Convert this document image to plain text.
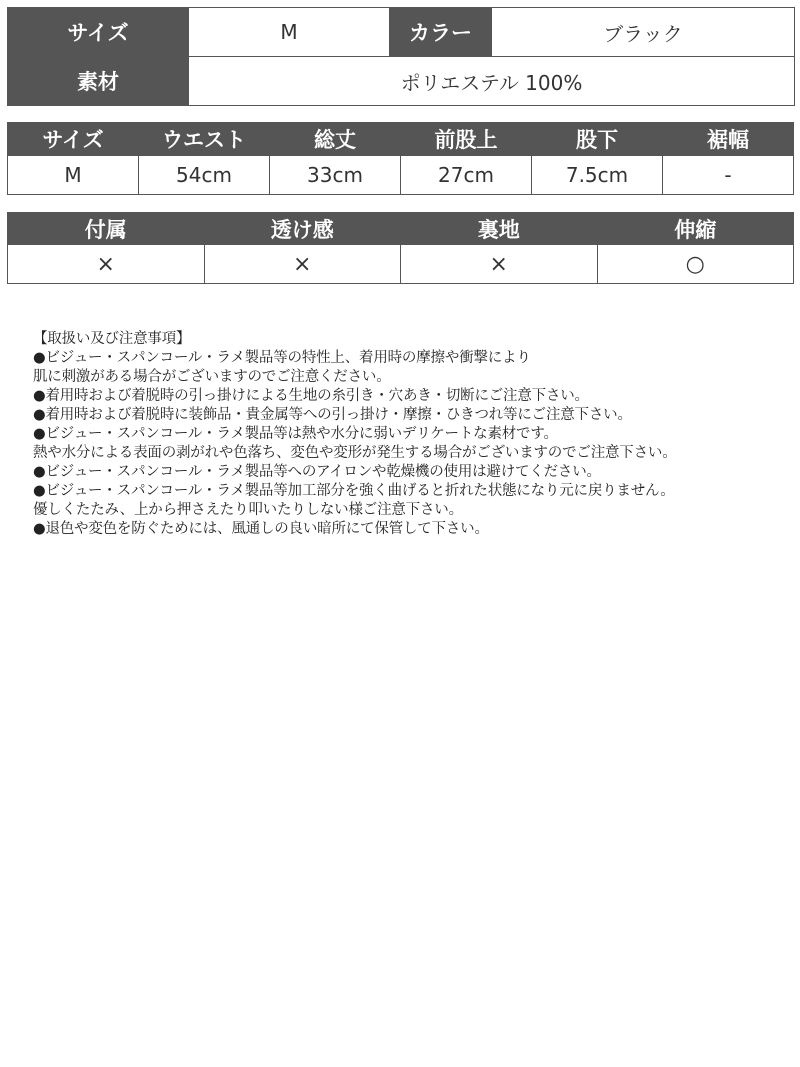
サイズ	M	カラー	ブラック
素材	ポリエステル 100%		
サイズ	ウエスト	総丈	前股上	股下	裾幅
M	54cm	33cm	27cm	7.5cm	-
付属	透け感	裏地	伸縮
×	×	×	○
【取扱い及び注意事項】
●ビジュー・スパンコール・ラメ製品等の特性上、着用時の摩擦や衝撃により
肌に刺激がある場合がございますのでご注意ください。
●着用時および着脱時の引っ掛けによる生地の糸引き・穴あき・切断にご注意下さい。
●着用時および着脱時に装飾品・貴金属等への引っ掛け・摩擦・ひきつれ等にご注意下さい。
●ビジュー・スパンコール・ラメ製品等は熱や水分に弱いデリケートな素材です。
熱や水分による表面の剥がれや色落ち、変色や変形が発生する場合がございますのでご注意下さい。
●ビジュー・スパンコール・ラメ製品等へのアイロンや乾燥機の使用は避けてください。
●ビジュー・スパンコール・ラメ製品等加工部分を強く曲げると折れた状態になり元に戻りません。
優しくたたみ、上から押さえたり叩いたりしない様ご注意下さい。
●退色や変色を防ぐためには、風通しの良い暗所にて保管して下さい。
